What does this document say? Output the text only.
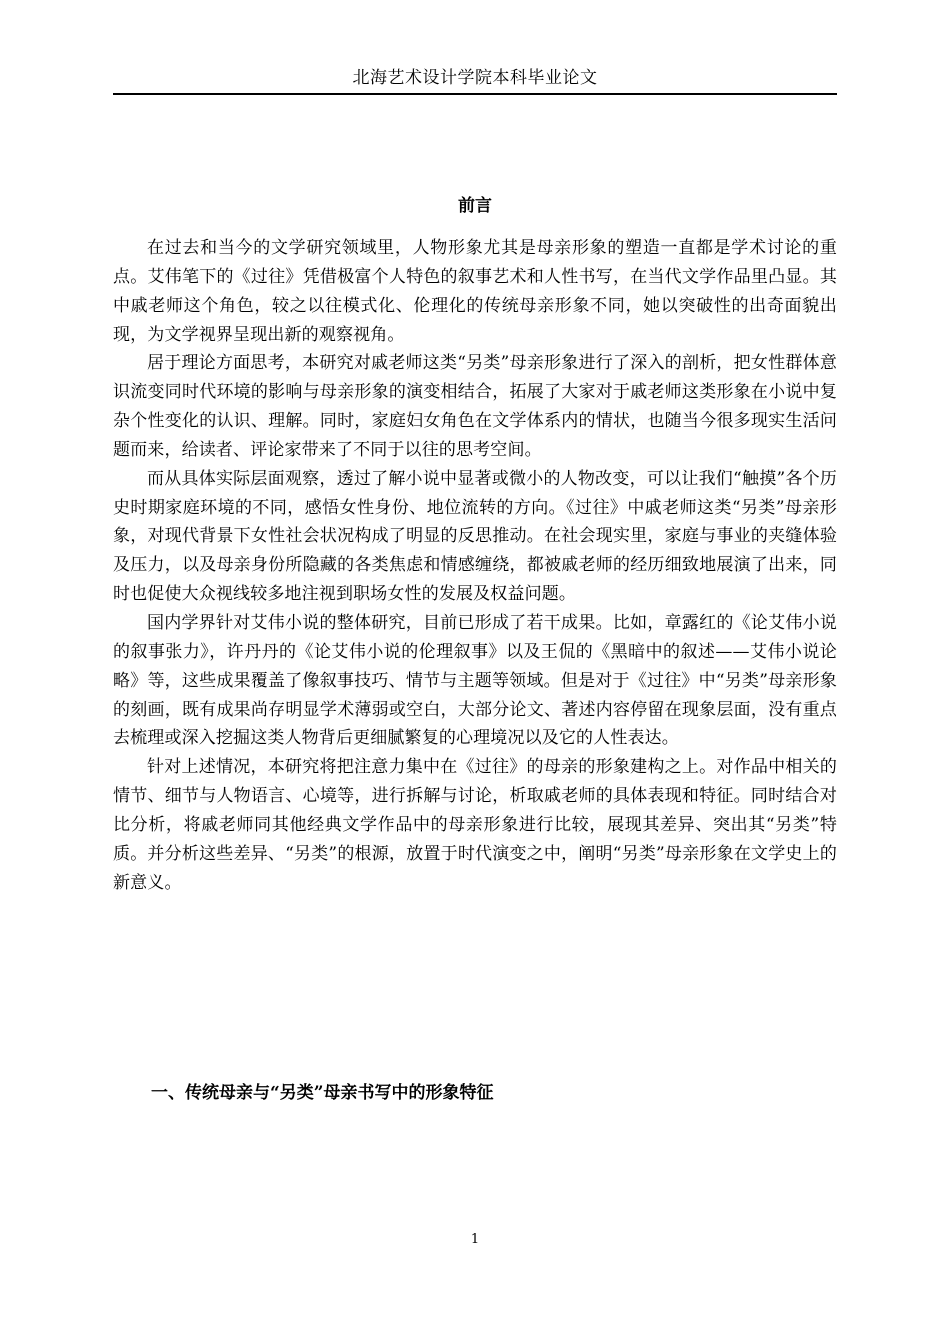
北海艺术设计学院本科毕业论文
前言

在过去和当今的文学研究领域里，人物形象尤其是母亲形象的塑造一直都是学术讨论的重点。艾伟笔下的《过往》凭借极富个人特色的叙事艺术和人性书写，在当代文学作品里凸显。其中戚老师这个角色，较之以往模式化、伦理化的传统母亲形象不同，她以突破性的出奇面貌出现，为文学视界呈现出新的观察视角。

居于理论方面思考，本研究对戚老师这类“另类”母亲形象进行了深入的剖析，把女性群体意识流变同时代环境的影响与母亲形象的演变相结合，拓展了大家对于戚老师这类形象在小说中复杂个性变化的认识、理解。同时，家庭妇女角色在文学体系内的情状，也随当今很多现实生活问题而来，给读者、评论家带来了不同于以往的思考空间。

而从具体实际层面观察，透过了解小说中显著或微小的人物改变，可以让我们“触摸”各个历史时期家庭环境的不同，感悟女性身份、地位流转的方向。《过往》中戚老师这类“另类”母亲形象，对现代背景下女性社会状况构成了明显的反思推动。在社会现实里，家庭与事业的夹缝体验及压力，以及母亲身份所隐藏的各类焦虑和情感缠绕，都被戚老师的经历细致地展演了出来，同时也促使大众视线较多地注视到职场女性的发展及权益问题。

国内学界针对艾伟小说的整体研究，目前已形成了若干成果。比如，章露红的《论艾伟小说的叙事张力》，许丹丹的《论艾伟小说的伦理叙事》以及王侃的《黑暗中的叙述——艾伟小说论略》等，这些成果覆盖了像叙事技巧、情节与主题等领域。但是对于《过往》中“另类”母亲形象的刻画，既有成果尚存明显学术薄弱或空白，大部分论文、著述内容停留在现象层面，没有重点去梳理或深入挖掘这类人物背后更细腻繁复的心理境况以及它的人性表达。

针对上述情况，本研究将把注意力集中在《过往》的母亲的形象建构之上。对作品中相关的情节、细节与人物语言、心境等，进行拆解与讨论，析取戚老师的具体表现和特征。同时结合对比分析，将戚老师同其他经典文学作品中的母亲形象进行比较，展现其差异、突出其“另类”特质。并分析这些差异、“另类”的根源，放置于时代演变之中，阐明“另类”母亲形象在文学史上的新意义。

一、传统母亲与“另类”母亲书写中的形象特征
1
